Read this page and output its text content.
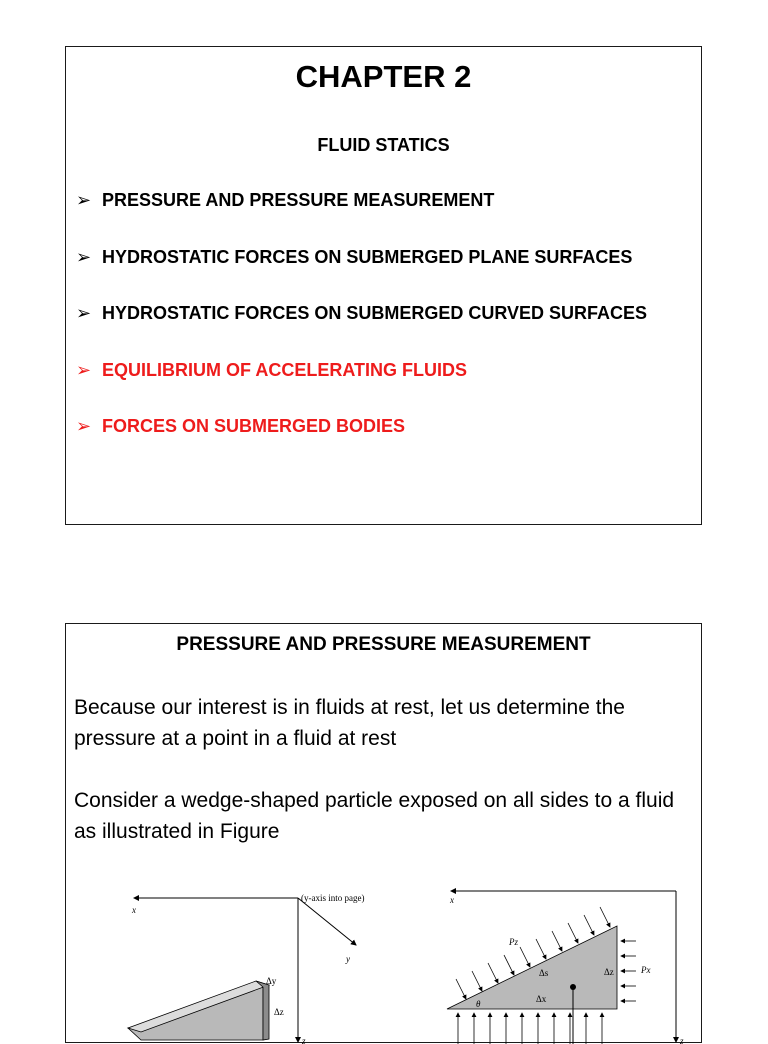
CHAPTER 2
FLUID STATICS
➢ PRESSURE AND PRESSURE MEASUREMENT
➢ HYDROSTATIC FORCES ON SUBMERGED PLANE SURFACES
➢ HYDROSTATIC FORCES ON SUBMERGED CURVED SURFACES
➢ EQUILIBRIUM OF ACCELERATING FLUIDS
➢ FORCES ON SUBMERGED BODIES
PRESSURE AND PRESSURE MEASUREMENT
Because our interest is in fluids at rest, let us determine the pressure at a point in a fluid at rest
Consider a wedge-shaped particle exposed on all sides to a fluid as illustrated in Figure
x
z
y
(y-axis into page)
Δy
Δz
x
z
Pz
Δs	Δz	Px
θ	Δx
